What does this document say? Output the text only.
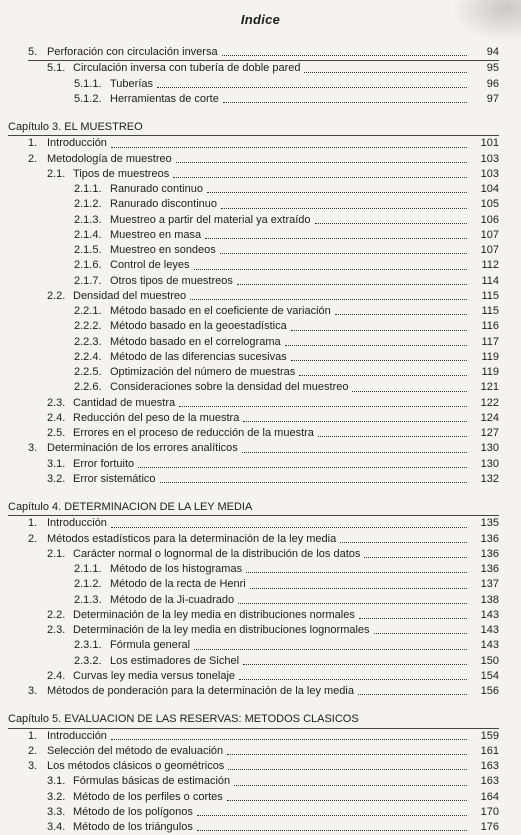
Indice
5. Perforación con circulación inversa	94
5.1. Circulación inversa con tubería de doble pared	95
5.1.1. Tuberías	96
5.1.2. Herramientas de corte	97
Capítulo 3. EL MUESTREO
1. Introducción	101
2. Metodología de muestreo	103
2.1. Tipos de muestreos	103
2.1.1. Ranurado continuo	104
2.1.2. Ranurado discontinuo	105
2.1.3. Muestreo a partir del material ya extraído	106
2.1.4. Muestreo en masa	107
2.1.5. Muestreo en sondeos	107
2.1.6. Control de leyes	112
2.1.7. Otros tipos de muestreos	114
2.2. Densidad del muestreo	115
2.2.1. Método basado en el coeficiente de variación	115
2.2.2. Método basado en la geoestadística	116
2.2.3. Método basado en el correlograma	117
2.2.4. Método de las diferencias sucesivas	119
2.2.5. Optimización del número de muestras	119
2.2.6. Consideraciones sobre la densidad del muestreo	121
2.3. Cantidad de muestra	122
2.4. Reducción del peso de la muestra	124
2.5. Errores en el proceso de reducción de la muestra	127
3. Determinación de los errores analíticos	130
3.1. Error fortuito	130
3.2. Error sistemático	132
Capítulo 4. DETERMINACION DE LA LEY MEDIA
1. Introducción	135
2. Métodos estadísticos para la determinación de la ley media	136
2.1. Carácter normal o lognormal de la distribución de los datos	136
2.1.1. Método de los histogramas	136
2.1.2. Método de la recta de Henri	137
2.1.3. Método de la Ji-cuadrado	138
2.2. Determinación de la ley media en distribuciones normales	143
2.3. Determinación de la ley media en distribuciones lognormales	143
2.3.1. Fórmula general	143
2.3.2. Los estimadores de Sichel	150
2.4. Curvas ley media versus tonelaje	154
3. Métodos de ponderación para la determinación de la ley media	156
Capítulo 5. EVALUACION DE LAS RESERVAS: METODOS CLASICOS
1. Introducción	159
2. Selección del método de evaluación	161
3. Los métodos clásicos o geométricos	163
3.1. Fórmulas básicas de estimación	163
3.2. Método de los perfiles o cortes	164
3.3. Método de los polígonos	170
3.4. Método de los triángulos	176
